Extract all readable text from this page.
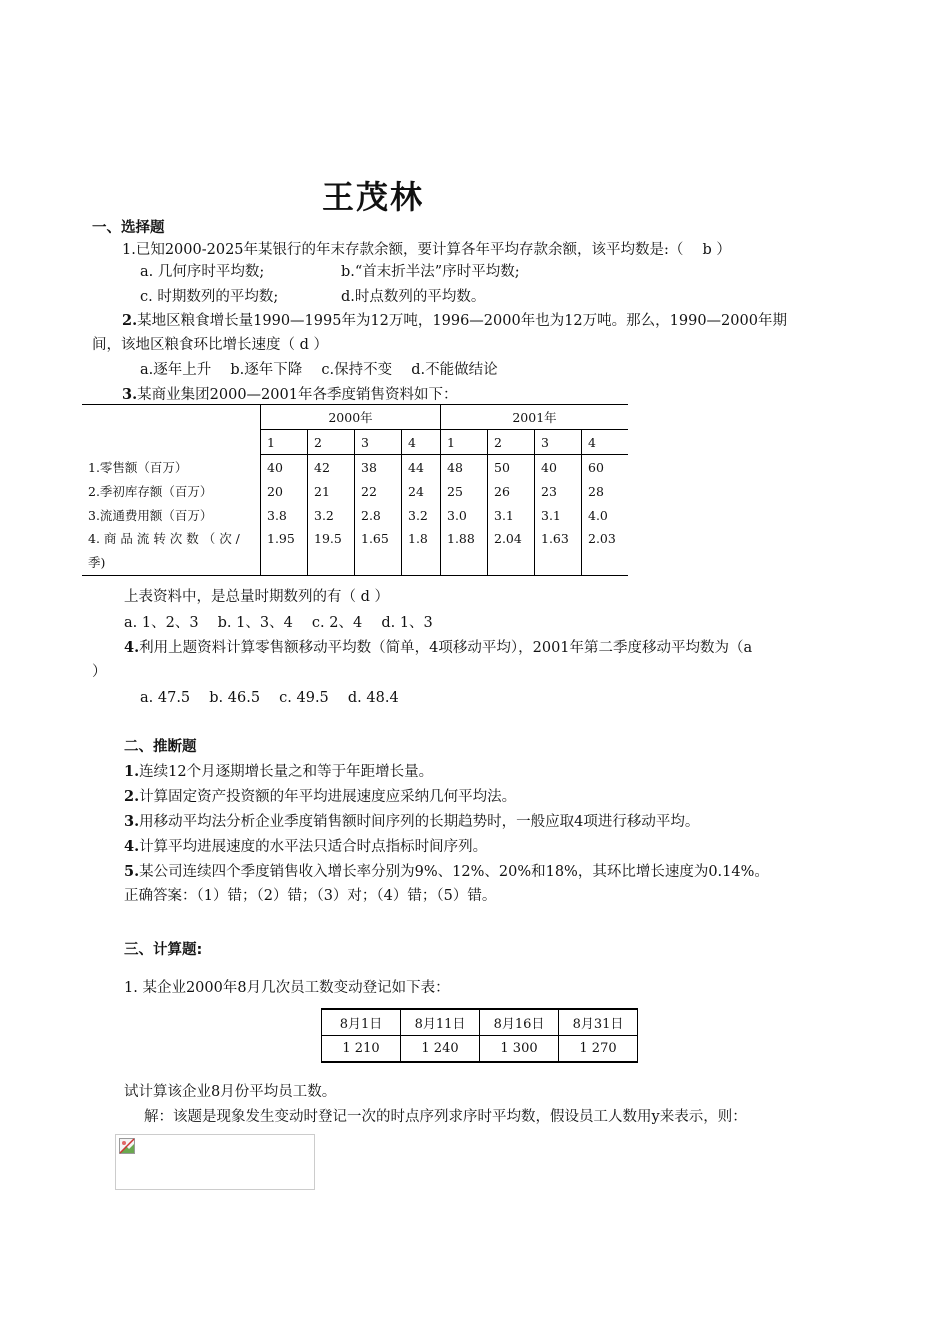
王茂林
一、选择题
1.已知2000-2025年某银行的年末存款余额，要计算各年平均存款余额，该平均数是:（　 b ）
a. 几何序时平均数;	b.“首末折半法”序时平均数;
c. 时期数列的平均数;	d.时点数列的平均数。
2.某地区粮食增长量1990—1995年为12万吨，1996—2000年也为12万吨。那么，1990—2000年期
间，该地区粮食环比增长速度（ d ）
a.逐年上升　 b.逐年下降　 c.保持不变　 d.不能做结论
3.某商业集团2000—2001年各季度销售资料如下：
	2000年				2001年			
	1	2	3	4	1	2	3	4
1.零售额（百万）	40	42	38	44	48	50	40	60
2.季初库存额（百万）	20	21	22	24	25	26	23	28
3.流通费用额（百万）	3.8	3.2	2.8	3.2	3.0	3.1	3.1	4.0

4. 商 品 流 转 次 数 （ 次 /
季)	1.95	19.5	1.65	1.8	1.88	2.04	1.63	2.03
上表资料中，是总量时期数列的有（ d ）
a. 1、2、3　 b. 1、3、4　 c. 2、4　 d. 1、3
4.利用上题资料计算零售额移动平均数（简单，4项移动平均），2001年第二季度移动平均数为（a
）
a. 47.5　 b. 46.5　 c. 49.5　 d. 48.4
二、推断题
1.连续12个月逐期增长量之和等于年距增长量。
2.计算固定资产投资额的年平均进展速度应采纳几何平均法。
3.用移动平均法分析企业季度销售额时间序列的长期趋势时，一般应取4项进行移动平均。
4.计算平均进展速度的水平法只适合时点指标时间序列。
5.某公司连续四个季度销售收入增长率分别为9%、12%、20%和18%，其环比增长速度为0.14%。
正确答案：（1）错；（2）错；（3）对；（4）错；（5）错。
三、计算题:
1. 某企业2000年8月几次员工数变动登记如下表：
8月1日	8月11日	8月16日	8月31日
1 210	1 240	1 300	1 270
试计算该企业8月份平均员工数。
解：该题是现象发生变动时登记一次的时点序列求序时平均数，假设员工人数用y来表示，则：
